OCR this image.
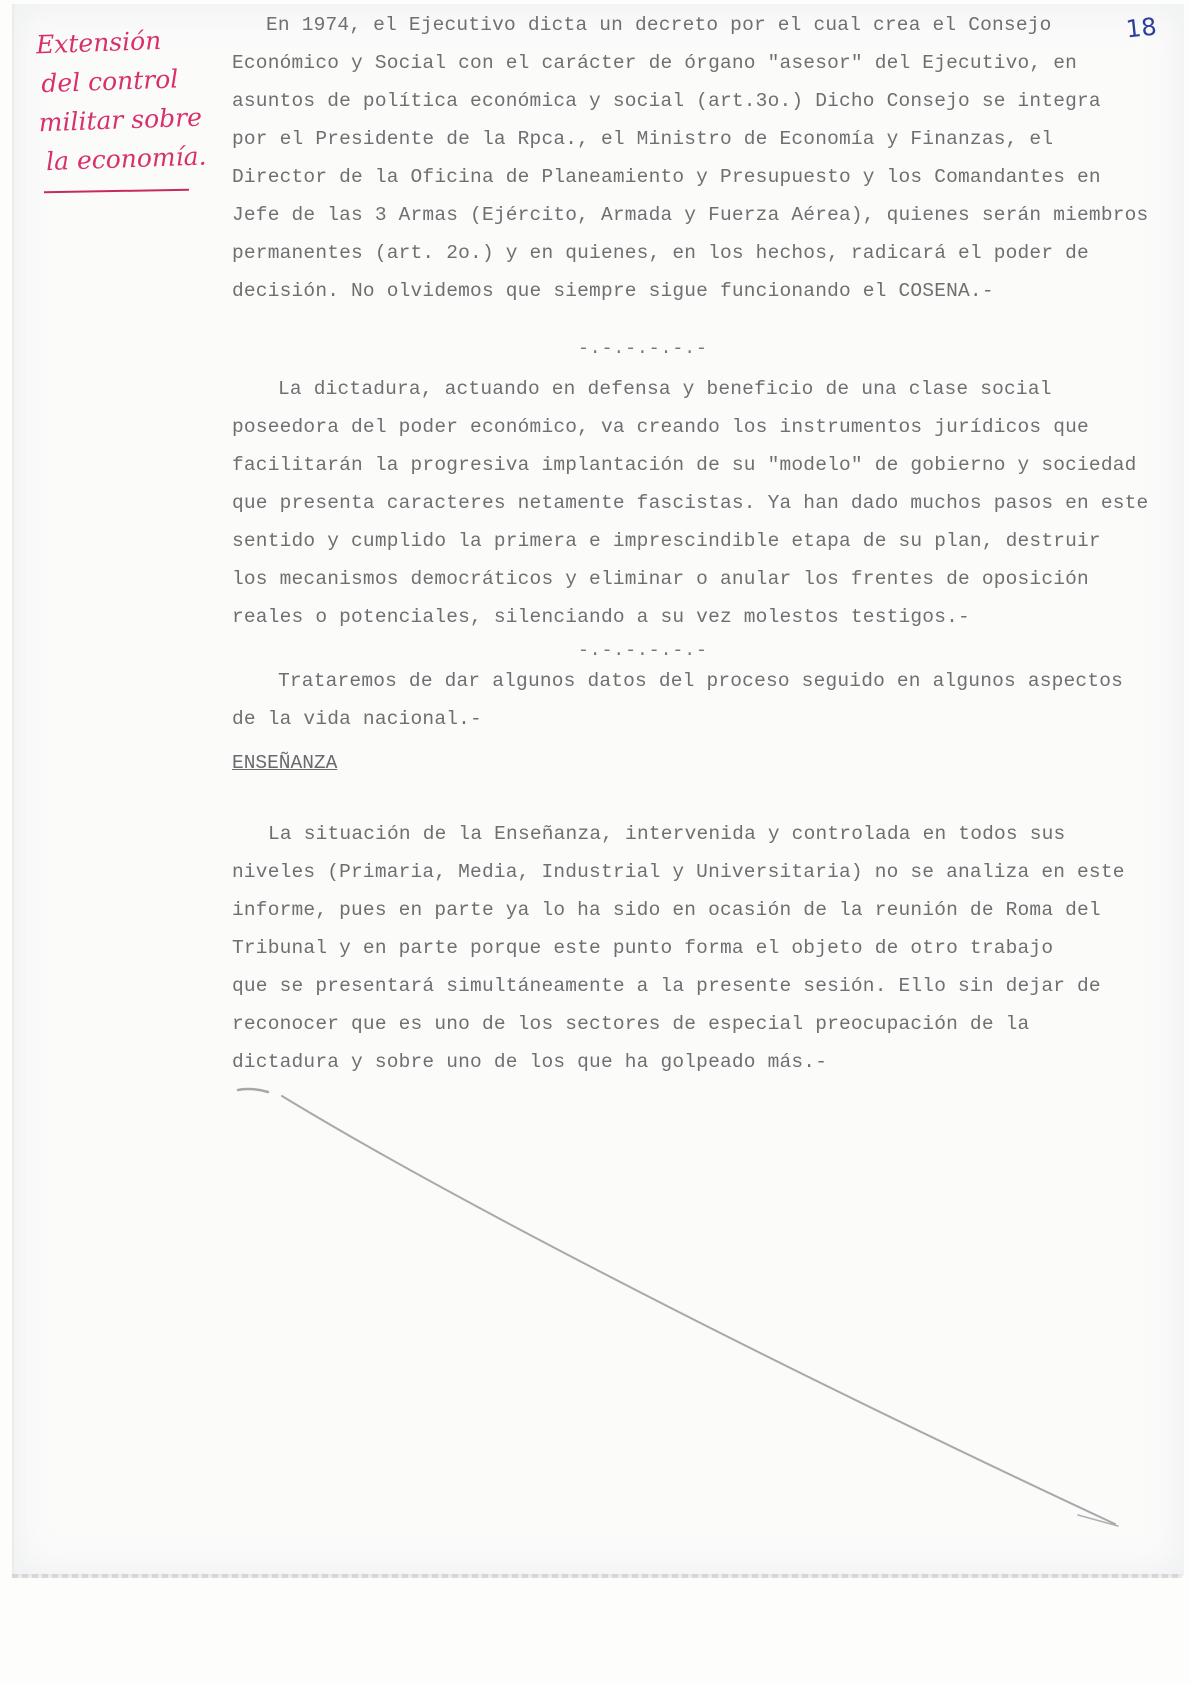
18
Extensión
del control
militar sobre
la economía.
En 1974, el Ejecutivo dicta un decreto por el cual crea el Consejo
Económico y Social con el carácter de órgano "asesor" del Ejecutivo, en
asuntos de política económica y social (art.3o.) Dicho Consejo se integra
por el Presidente de la Rpca., el Ministro de Economía y Finanzas, el
Director de la Oficina de Planeamiento y Presupuesto y los Comandantes en
Jefe de las 3 Armas (Ejército, Armada y Fuerza Aérea), quienes serán miembros
permanentes (art. 2o.) y en quienes, en los hechos, radicará el poder de
decisión. No olvidemos que siempre sigue funcionando el COSENA.-
-.-.-.-.-.-
La dictadura, actuando en defensa y beneficio de una clase social
poseedora del poder económico, va creando los instrumentos jurídicos que
facilitarán la progresiva implantación de su "modelo" de gobierno y sociedad
que presenta caracteres netamente fascistas. Ya han dado muchos pasos en este
sentido y cumplido la primera e imprescindible etapa de su plan, destruir
los mecanismos democráticos y eliminar o anular los frentes de oposición
reales o potenciales, silenciando a su vez molestos testigos.-
-.-.-.-.-.-
Trataremos de dar algunos datos del proceso seguido en algunos aspectos
de la vida nacional.-
ENSEÑANZA
La situación de la Enseñanza, intervenida y controlada en todos sus
niveles (Primaria, Media, Industrial y Universitaria) no se analiza en este
informe, pues en parte ya lo ha sido en ocasión de la reunión de Roma del
Tribunal y en parte porque este punto forma el objeto de otro trabajo
que se presentará simultáneamente a la presente sesión. Ello sin dejar de
reconocer que es uno de los sectores de especial preocupación de la
dictadura y sobre uno de los que ha golpeado más.-
